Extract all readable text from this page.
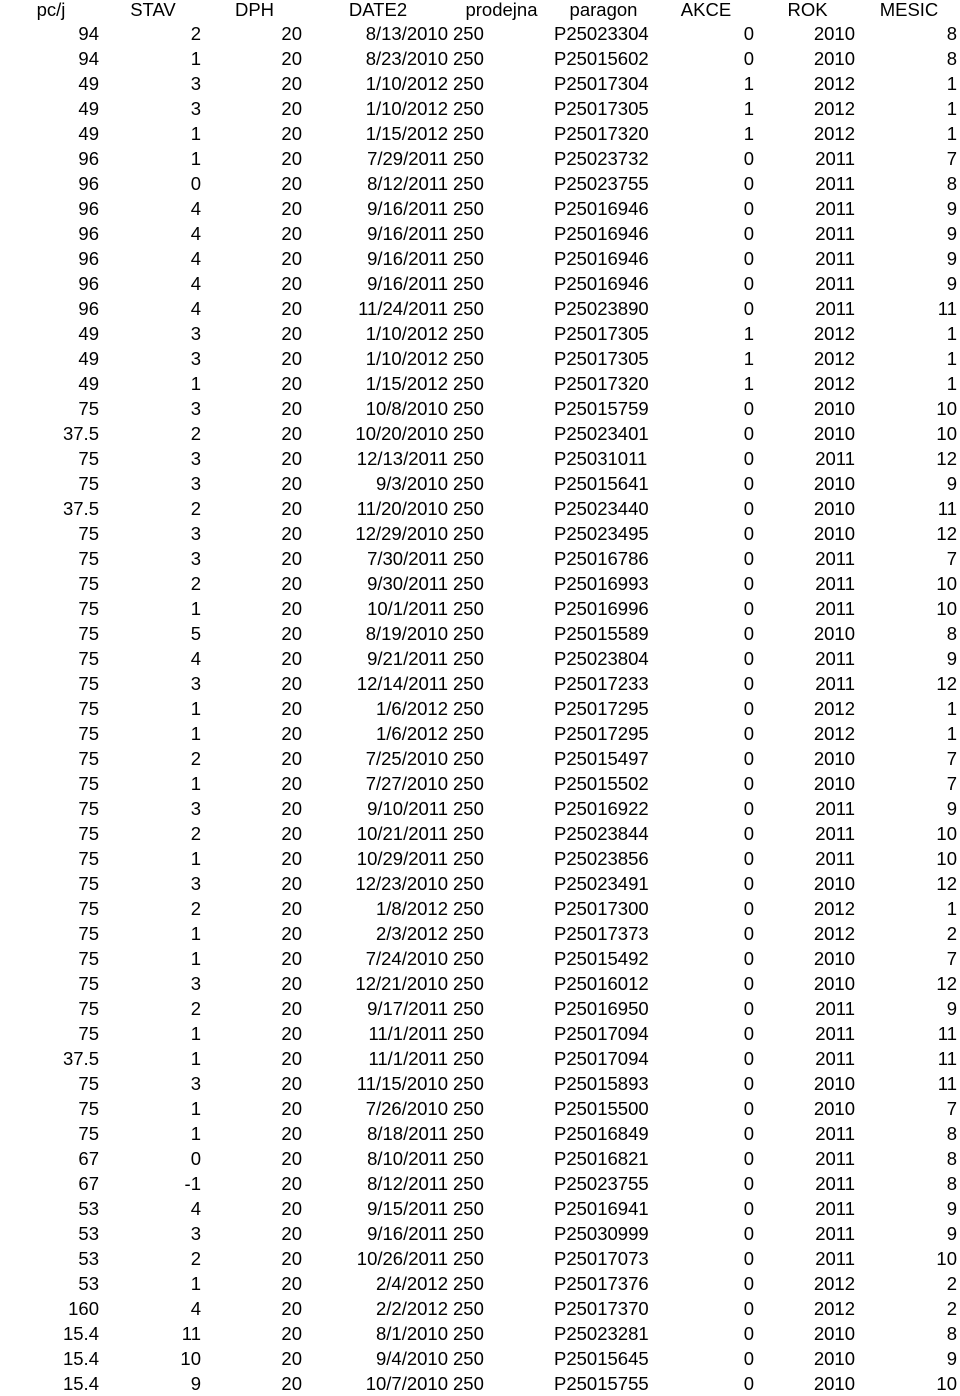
pc/j	STAV	DPH	DATE2	prodejna	paragon	AKCE	ROK	MESIC
94	2	20	8/13/2010	250	P25023304	0	2010	8
94	1	20	8/23/2010	250	P25015602	0	2010	8
49	3	20	1/10/2012	250	P25017304	1	2012	1
49	3	20	1/10/2012	250	P25017305	1	2012	1
49	1	20	1/15/2012	250	P25017320	1	2012	1
96	1	20	7/29/2011	250	P25023732	0	2011	7
96	0	20	8/12/2011	250	P25023755	0	2011	8
96	4	20	9/16/2011	250	P25016946	0	2011	9
96	4	20	9/16/2011	250	P25016946	0	2011	9
96	4	20	9/16/2011	250	P25016946	0	2011	9
96	4	20	9/16/2011	250	P25016946	0	2011	9
96	4	20	11/24/2011	250	P25023890	0	2011	11
49	3	20	1/10/2012	250	P25017305	1	2012	1
49	3	20	1/10/2012	250	P25017305	1	2012	1
49	1	20	1/15/2012	250	P25017320	1	2012	1
75	3	20	10/8/2010	250	P25015759	0	2010	10
37.5	2	20	10/20/2010	250	P25023401	0	2010	10
75	3	20	12/13/2011	250	P25031011	0	2011	12
75	3	20	9/3/2010	250	P25015641	0	2010	9
37.5	2	20	11/20/2010	250	P25023440	0	2010	11
75	3	20	12/29/2010	250	P25023495	0	2010	12
75	3	20	7/30/2011	250	P25016786	0	2011	7
75	2	20	9/30/2011	250	P25016993	0	2011	10
75	1	20	10/1/2011	250	P25016996	0	2011	10
75	5	20	8/19/2010	250	P25015589	0	2010	8
75	4	20	9/21/2011	250	P25023804	0	2011	9
75	3	20	12/14/2011	250	P25017233	0	2011	12
75	1	20	1/6/2012	250	P25017295	0	2012	1
75	1	20	1/6/2012	250	P25017295	0	2012	1
75	2	20	7/25/2010	250	P25015497	0	2010	7
75	1	20	7/27/2010	250	P25015502	0	2010	7
75	3	20	9/10/2011	250	P25016922	0	2011	9
75	2	20	10/21/2011	250	P25023844	0	2011	10
75	1	20	10/29/2011	250	P25023856	0	2011	10
75	3	20	12/23/2010	250	P25023491	0	2010	12
75	2	20	1/8/2012	250	P25017300	0	2012	1
75	1	20	2/3/2012	250	P25017373	0	2012	2
75	1	20	7/24/2010	250	P25015492	0	2010	7
75	3	20	12/21/2010	250	P25016012	0	2010	12
75	2	20	9/17/2011	250	P25016950	0	2011	9
75	1	20	11/1/2011	250	P25017094	0	2011	11
37.5	1	20	11/1/2011	250	P25017094	0	2011	11
75	3	20	11/15/2010	250	P25015893	0	2010	11
75	1	20	7/26/2010	250	P25015500	0	2010	7
75	1	20	8/18/2011	250	P25016849	0	2011	8
67	0	20	8/10/2011	250	P25016821	0	2011	8
67	-1	20	8/12/2011	250	P25023755	0	2011	8
53	4	20	9/15/2011	250	P25016941	0	2011	9
53	3	20	9/16/2011	250	P25030999	0	2011	9
53	2	20	10/26/2011	250	P25017073	0	2011	10
53	1	20	2/4/2012	250	P25017376	0	2012	2
160	4	20	2/2/2012	250	P25017370	0	2012	2
15.4	11	20	8/1/2010	250	P25023281	0	2010	8
15.4	10	20	9/4/2010	250	P25015645	0	2010	9
15.4	9	20	10/7/2010	250	P25015755	0	2010	10
